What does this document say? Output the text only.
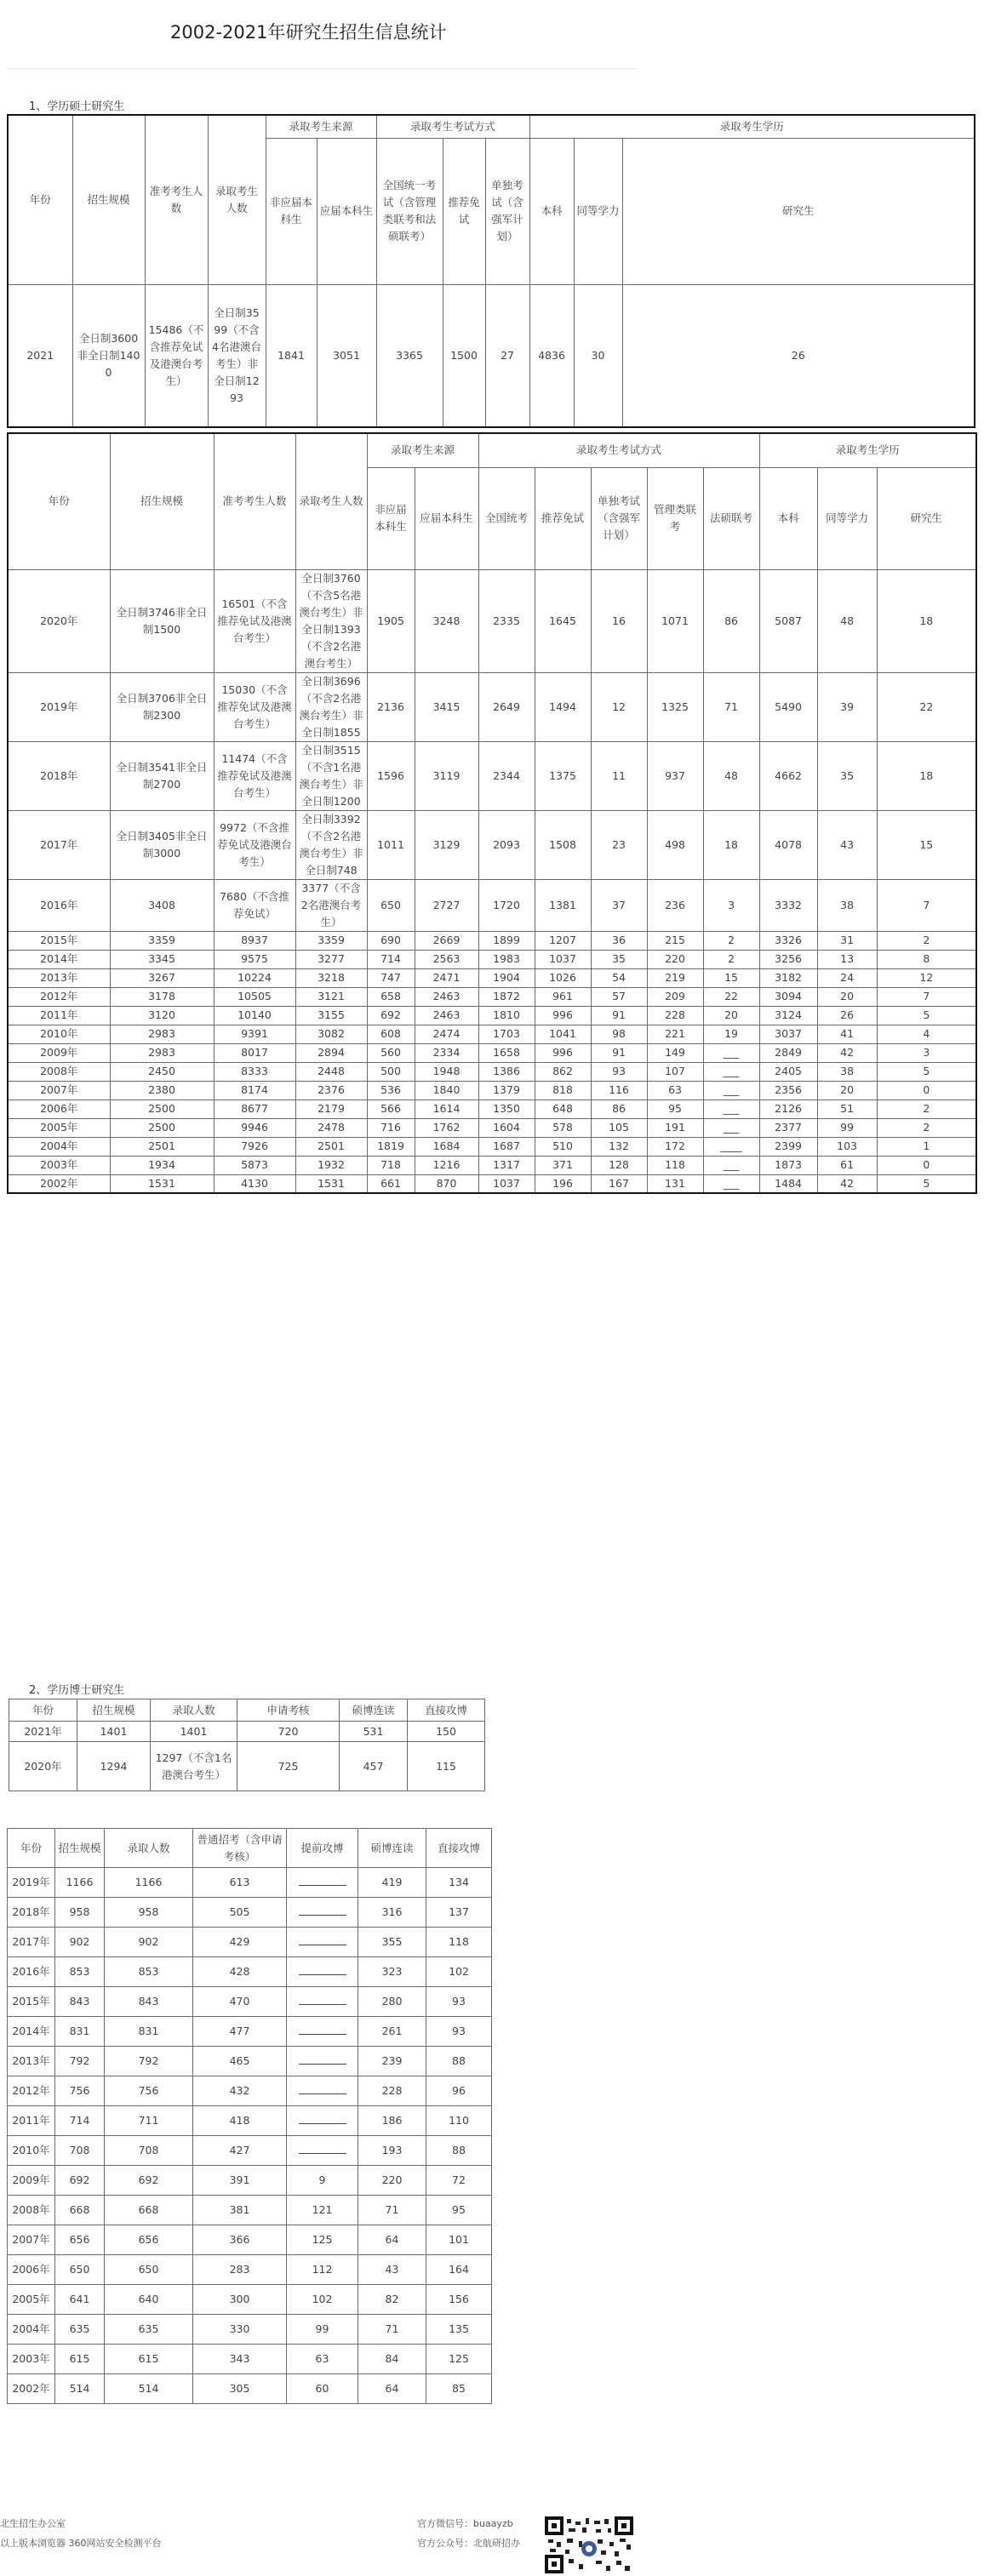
2002-2021年研究生招生信息统计
1、学历硕士研究生
年份	招生规模	准考考生人数	录取考生人数	录取考生来源		录取考生考试方式			录取考生学历		
				非应届本科生	应届本科生	全国统一考试（含管理类联考和法硕联考）	推荐免试	单独考试（含强军计划）	本科	同等学力	研究生
2021	全日制3600非全日制1400	15486（不含推荐免试及港澳台考生）	全日制3599（不含4名港澳台考生）非全日制1293	1841	3051	3365	1500	27	4836	30	26
年份	招生规模	准考考生人数	录取考生人数	录取考生来源		录取考生考试方式					录取考生学历		
				非应届本科生	应届本科生	全国统考	推荐免试	单独考试（含强军计划）	管理类联考	法硕联考	本科	同等学力	研究生
2020年	全日制3746非全日制1500	16501（不含推荐免试及港澳台考生）	全日制3760（不含5名港澳台考生）非全日制1393（不含2名港澳台考生）	1905	3248	2335	1645	16	1071	86	5087	48	18
2019年	全日制3706非全日制2300	15030（不含推荐免试及港澳台考生）	全日制3696（不含2名港澳台考生）非全日制1855	2136	3415	2649	1494	12	1325	71	5490	39	22
2018年	全日制3541非全日制2700	11474（不含推荐免试及港澳台考生）	全日制3515（不含1名港澳台考生）非全日制1200	1596	3119	2344	1375	11	937	48	4662	35	18
2017年	全日制3405非全日制3000	9972（不含推荐免试及港澳台考生）	全日制3392（不含2名港澳台考生）非全日制748	1011	3129	2093	1508	23	498	18	4078	43	15
2016年	3408	7680（不含推荐免试）	3377（不含2名港澳台考生）	650	2727	1720	1381	37	236	3	3332	38	7
2015年	3359	8937	3359	690	2669	1899	1207	36	215	2	3326	31	2
2014年	3345	9575	3277	714	2563	1983	1037	35	220	2	3256	13	8
2013年	3267	10224	3218	747	2471	1904	1026	54	219	15	3182	24	12
2012年	3178	10505	3121	658	2463	1872	961	57	209	22	3094	20	7
2011年	3120	10140	3155	692	2463	1810	996	91	228	20	3124	26	5
2010年	2983	9391	3082	608	2474	1703	1041	98	221	19	3037	41	4
2009年	2983	8017	2894	560	2334	1658	996	91	149	___	2849	42	3
2008年	2450	8333	2448	500	1948	1386	862	93	107	___	2405	38	5
2007年	2380	8174	2376	536	1840	1379	818	116	63	___	2356	20	0
2006年	2500	8677	2179	566	1614	1350	648	86	95	___	2126	51	2
2005年	2500	9946	2478	716	1762	1604	578	105	191	___	2377	99	2
2004年	2501	7926	2501	1819	1684	1687	510	132	172	____	2399	103	1
2003年	1934	5873	1932	718	1216	1317	371	128	118	___	1873	61	0
2002年	1531	4130	1531	661	870	1037	196	167	131	___	1484	42	5
2、学历博士研究生
年份	招生规模	录取人数	申请考核	硕博连读	直接攻博
2021年	1401	1401	720	531	150
2020年	1294	1297（不含1名港澳台考生）	725	457	115
年份	招生规模	录取人数	普通招考（含申请考核）	提前攻博	硕博连读	直接攻博
2019年	1166	1166	613		419	134
2018年	958	958	505		316	137
2017年	902	902	429		355	118
2016年	853	853	428		323	102
2015年	843	843	470		280	93
2014年	831	831	477		261	93
2013年	792	792	465		239	88
2012年	756	756	432		228	96
2011年	714	711	418		186	110
2010年	708	708	427		193	88
2009年	692	692	391	9	220	72
2008年	668	668	381	121	71	95
2007年	656	656	366	125	64	101
2006年	650	650	283	112	43	164
2005年	641	640	300	102	82	156
2004年	635	635	330	99	71	135
2003年	615	615	343	63	84	125
2002年	514	514	305	60	64	85
北生招生办公室
以上版本浏览器 360网站安全检测平台
官方微信号：buaayzb
官方公众号：北航研招办
